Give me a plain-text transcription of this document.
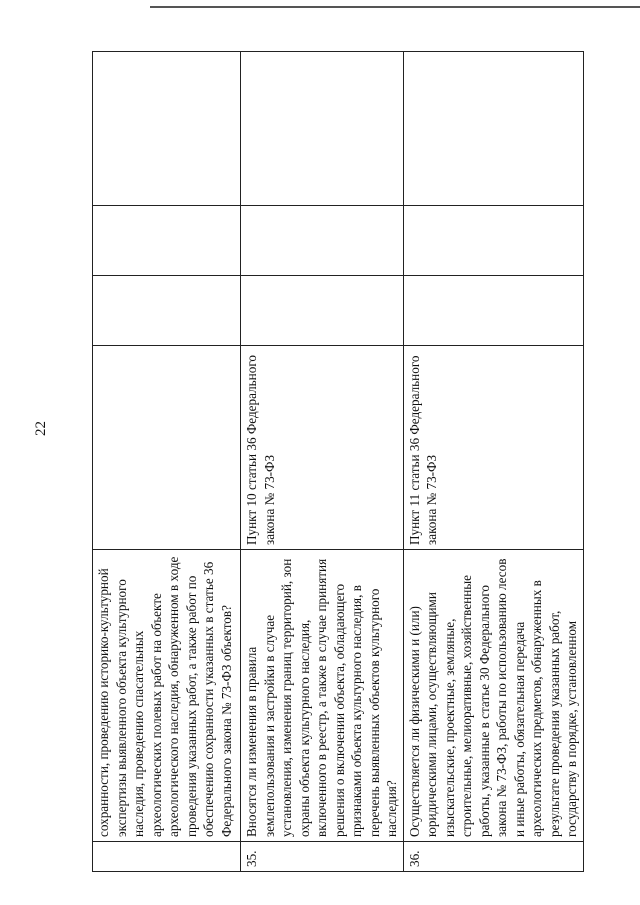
22
	сохранности, проведению историко-культурной экспертизы выявленного объекта культурного наследия, проведению спасательных археологических полевых работ на объекте археологического наследия, обнаруженном в ходе проведения указанных работ, а также работ по обеспечению сохранности указанных в статье 36 Федерального закона № 73-ФЗ объектов?				
35.	Вносятся ли изменения в правила землепользования и застройки в случае установления, изменения границ территорий, зон охраны объекта культурного наследия, включенного в реестр, а также в случае принятия решения о включении объекта, обладающего признаками объекта культурного наследия, в перечень выявленных объектов культурного наследия?	Пункт 10 статьи 36 Федерального закона № 73-ФЗ			
36.	Осуществляется ли физическими и (или) юридическими лицами, осуществляющими изыскательские, проектные, земляные, строительные, мелиоративные, хозяйственные работы, указанные в статье 30 Федерального закона № 73-ФЗ, работы по использованию лесов и иные работы, обязательная передача археологических предметов, обнаруженных в результате проведения указанных работ, государству в порядке, установленном	Пункт 11 статьи 36 Федерального закона № 73-ФЗ			
